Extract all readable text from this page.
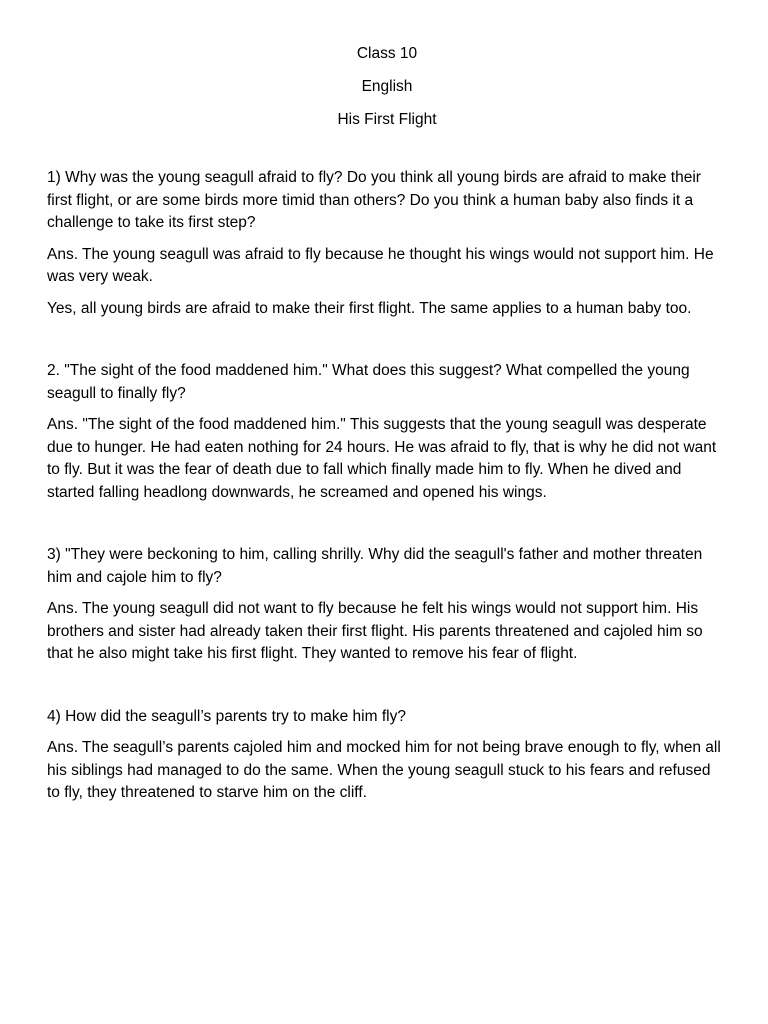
Class 10
English
His First Flight

1) Why was the young seagull afraid to fly? Do you think all young birds are afraid to make their first flight, or are some birds more timid than others? Do you think a human baby also finds it a challenge to take its first step?

Ans. The young seagull was afraid to fly because he thought his wings would not support him. He was very weak.

Yes, all young birds are afraid to make their first flight. The same applies to a human baby too.

2. "The sight of the food maddened him." What does this suggest? What compelled the young seagull to finally fly?

Ans. "The sight of the food maddened him." This suggests that the young seagull was desperate due to hunger. He had eaten nothing for 24 hours. He was afraid to fly, that is why he did not want to fly. But it was the fear of death due to fall which finally made him to fly. When he dived and started falling headlong downwards, he screamed and opened his wings.

3) "They were beckoning to him, calling shrilly. Why did the seagull's father and mother threaten him and cajole him to fly?

Ans. The young seagull did not want to fly because he felt his wings would not support him. His brothers and sister had already taken their first flight. His parents threatened and cajoled him so that he also might take his first flight. They wanted to remove his fear of flight.

4) How did the seagull’s parents try to make him fly?

Ans. The seagull’s parents cajoled him and mocked him for not being brave enough to fly, when all his siblings had managed to do the same. When the young seagull stuck to his fears and refused to fly, they threatened to starve him on the cliff.
